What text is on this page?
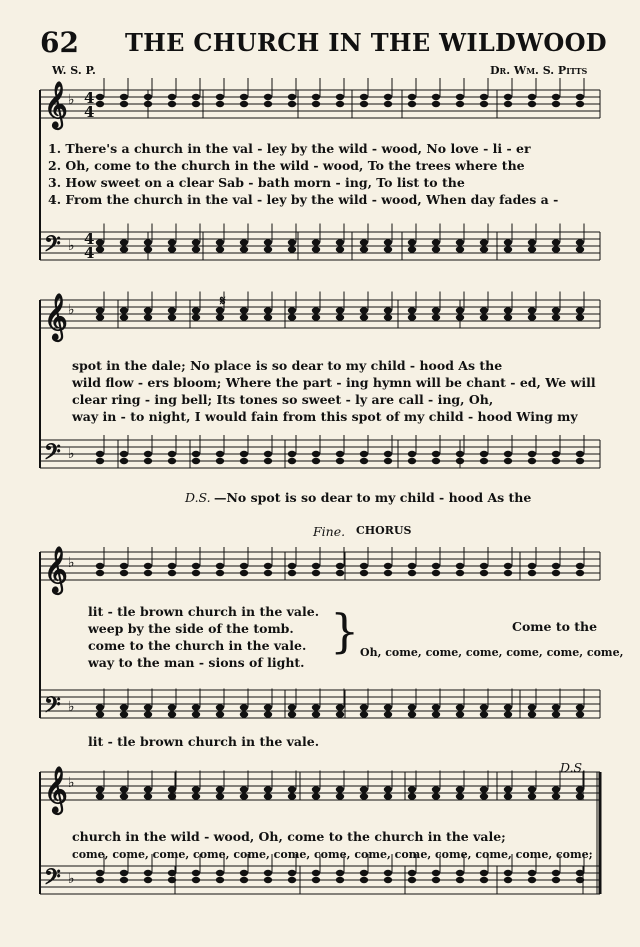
62 THE CHURCH IN THE WILDWOOD
W. S. P.	Dr. Wm. S. Pitts
4
4
4
4
𝄞
𝄞
𝄞
𝄞
𝄢
𝄢
𝄢
𝄢
♭
♭
♭
♭
♭
♭
♭
♭
1. There's a church in the val - ley by the wild - wood, No love - li - er
2. Oh, come to the church in the wild - wood, To the trees where the
3. How sweet on a clear Sab - bath morn - ing, To list to the
4. From the church in the val - ley by the wild - wood, When day fades a -
𝄋
spot in the dale; No place is so dear to my child - hood As the
wild flow - ers bloom; Where the part - ing hymn will be chant - ed, We will
clear ring - ing bell; Its tones so sweet - ly are call - ing, Oh,
way in - to night, I would fain from this spot of my child - hood Wing my
D.S. —No spot is so dear to my child - hood As the
Fine. CHORUS
lit - tle brown church in the vale.
weep by the side of the tomb.
come to the church in the vale.
way to the man - sions of light.
}	Come to the
Oh, come, come, come, come, come, come,
lit - tle brown church in the vale.
D.S.
church in the wild - wood, Oh, come to the church in the vale;
come, come, come, come, come, come, come, come, come, come, come, come, come;
